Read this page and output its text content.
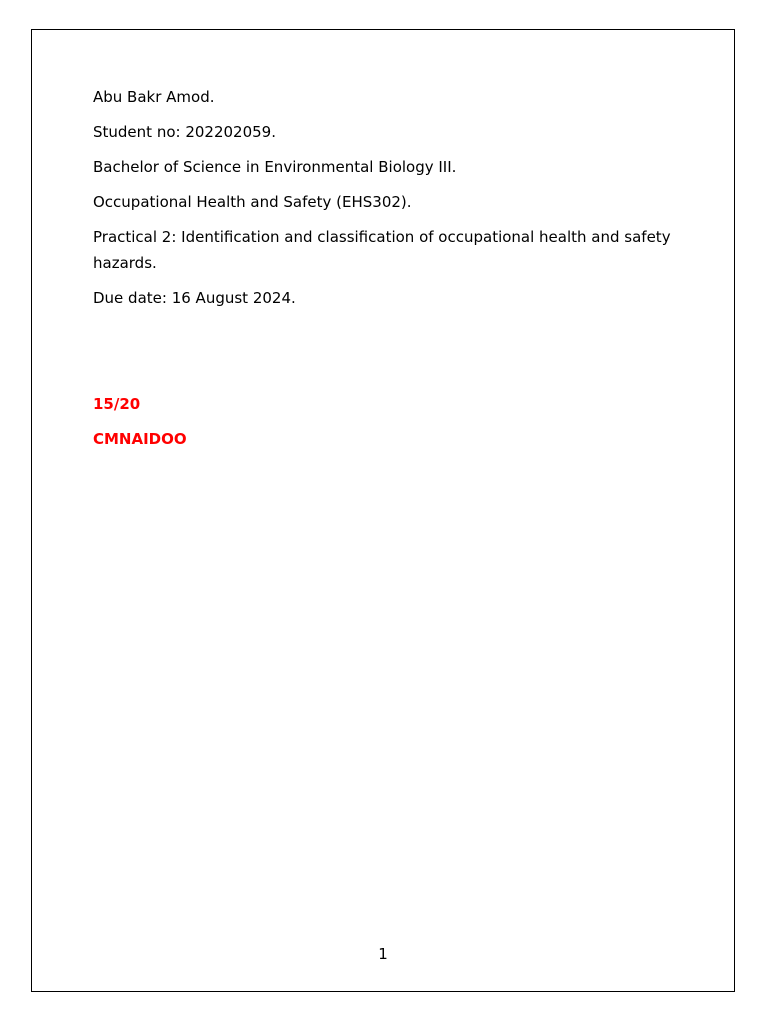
Abu Bakr Amod.

Student no: 202202059.

Bachelor of Science in Environmental Biology III.

Occupational Health and Safety (EHS302).

Practical 2: Identification and classification of occupational health and safety hazards.

Due date: 16 August 2024.

15/20

CMNAIDOO

1
